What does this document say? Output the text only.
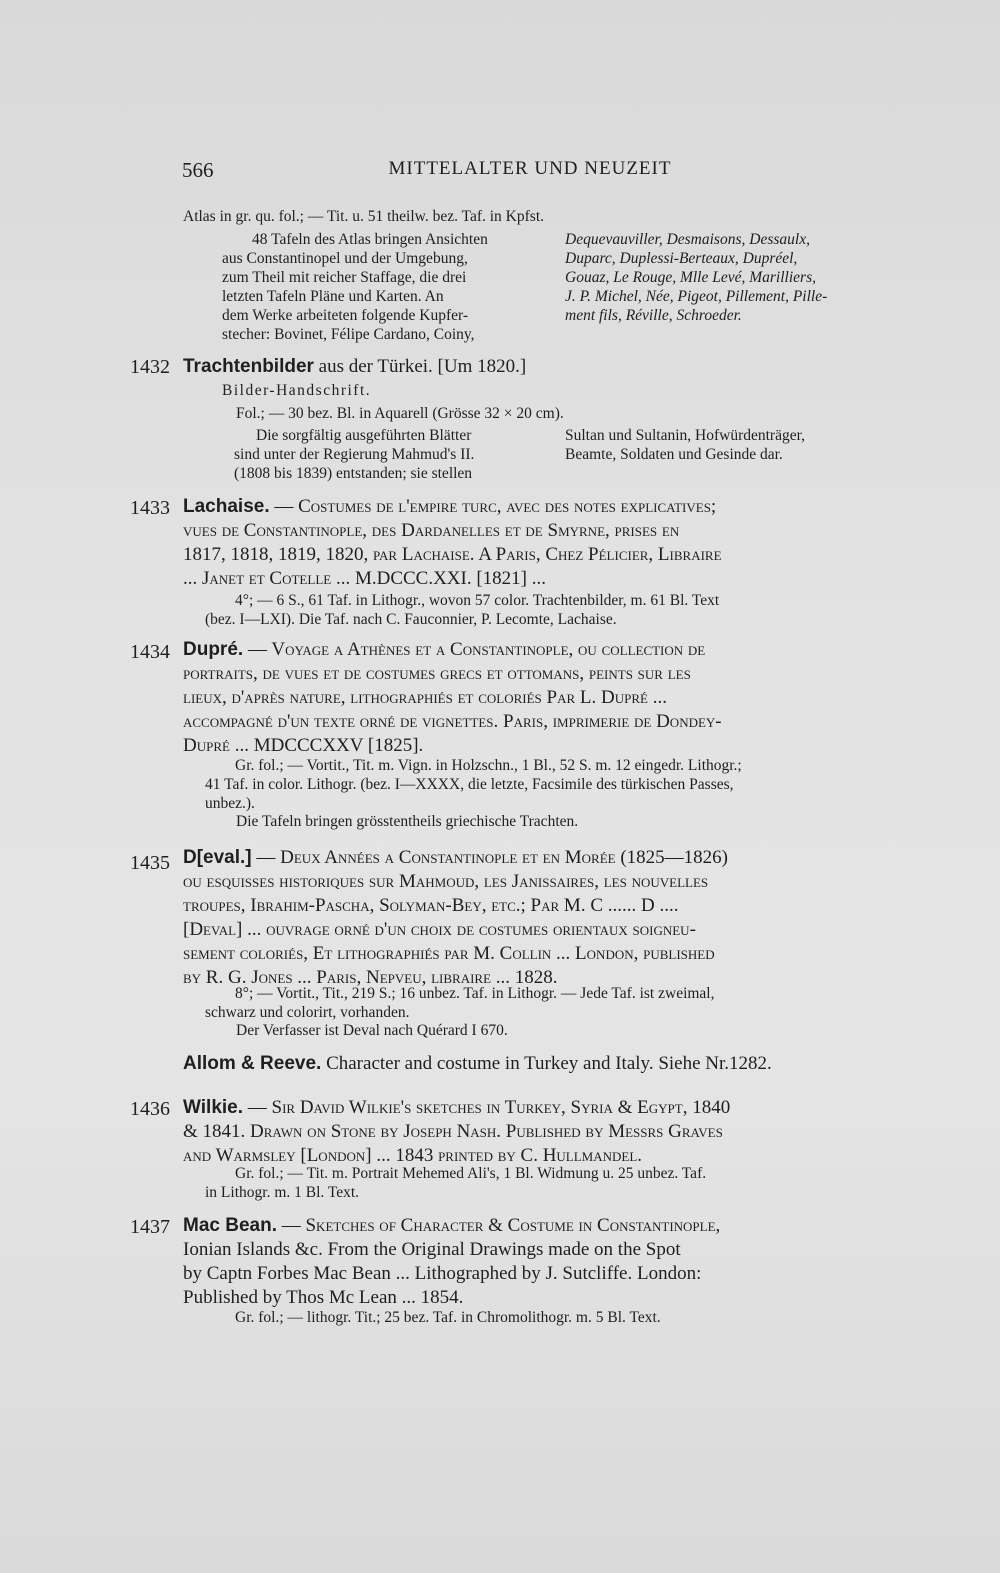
566	MITTELALTER UND NEUZEIT
Atlas in gr. qu. fol.; — Tit. u. 51 theilw. bez. Taf. in Kpfst.
48 Tafeln des Atlas bringen Ansichten
aus Constantinopel und der Umgebung,
zum Theil mit reicher Staffage, die drei
letzten Tafeln Pläne und Karten. An
dem Werke arbeiteten folgende Kupfer-
stecher: Bovinet, Félipe Cardano, Coiny,
Dequevauviller, Desmaisons, Dessaulx,
Duparc, Duplessi-Berteaux, Dupréel,
Gouaz, Le Rouge, Mlle Levé, Marilliers,
J. P. Michel, Née, Pigeot, Pillement, Pille-
ment fils, Réville, Schroeder.
1432 Trachtenbilder aus der Türkei. [Um 1820.]
Bilder-Handschrift.
Fol.; — 30 bez. Bl. in Aquarell (Grösse 32 × 20 cm).
Die sorgfältig ausgeführten Blätter
sind unter der Regierung Mahmud's II.
(1808 bis 1839) entstanden; sie stellen
Sultan und Sultanin, Hofwürdenträger,
Beamte, Soldaten und Gesinde dar.
1433 Lachaise. — Costumes de l'empire turc, avec des notes explicatives;
vues de Constantinople, des Dardanelles et de Smyrne, prises en
1817, 1818, 1819, 1820, par Lachaise. A Paris, Chez Pélicier, Libraire
... Janet et Cotelle ... M.DCCC.XXI. [1821] ...
4°; — 6 S., 61 Taf. in Lithogr., wovon 57 color. Trachtenbilder, m. 61 Bl. Text
(bez. I—LXI). Die Taf. nach C. Fauconnier, P. Lecomte, Lachaise.
1434 Dupré. — Voyage a Athènes et a Constantinople, ou collection de
portraits, de vues et de costumes grecs et ottomans, peints sur les
lieux, d'après nature, lithographiés et coloriés Par L. Dupré ...
accompagné d'un texte orné de vignettes. Paris, imprimerie de Dondey-
Dupré ... MDCCCXXV [1825].
Gr. fol.; — Vortit., Tit. m. Vign. in Holzschn., 1 Bl., 52 S. m. 12 eingedr. Lithogr.;
41 Taf. in color. Lithogr. (bez. I—XXXX, die letzte, Facsimile des türkischen Passes,
unbez.).
Die Tafeln bringen grösstentheils griechische Trachten.
1435 D[eval.] — Deux Années a Constantinople et en Morée (1825—1826)
ou esquisses historiques sur Mahmoud, les Janissaires, les nouvelles
troupes, Ibrahim-Pascha, Solyman-Bey, etc.; Par M. C ...... D ....
[Deval] ... ouvrage orné d'un choix de costumes orientaux soigneu-
sement coloriés, Et lithographiés par M. Collin ... London, published
by R. G. Jones ... Paris, Nepveu, libraire ... 1828.
8°; — Vortit., Tit., 219 S.; 16 unbez. Taf. in Lithogr. — Jede Taf. ist zweimal,
schwarz und colorirt, vorhanden.
Der Verfasser ist Deval nach Quérard I 670.
Allom & Reeve. Character and costume in Turkey and Italy. Siehe Nr.1282.
1436 Wilkie. — Sir David Wilkie's sketches in Turkey, Syria & Egypt, 1840
& 1841. Drawn on Stone by Joseph Nash. Published by Messrs Graves
and Warmsley [London] ... 1843 printed by C. Hullmandel.
Gr. fol.; — Tit. m. Portrait Mehemed Ali's, 1 Bl. Widmung u. 25 unbez. Taf.
in Lithogr. m. 1 Bl. Text.
1437 Mac Bean. — Sketches of Character & Costume in Constantinople,
Ionian Islands &c. From the Original Drawings made on the Spot
by Captn Forbes Mac Bean ... Lithographed by J. Sutcliffe. London:
Published by Thos Mc Lean ... 1854.
Gr. fol.; — lithogr. Tit.; 25 bez. Taf. in Chromolithogr. m. 5 Bl. Text.
